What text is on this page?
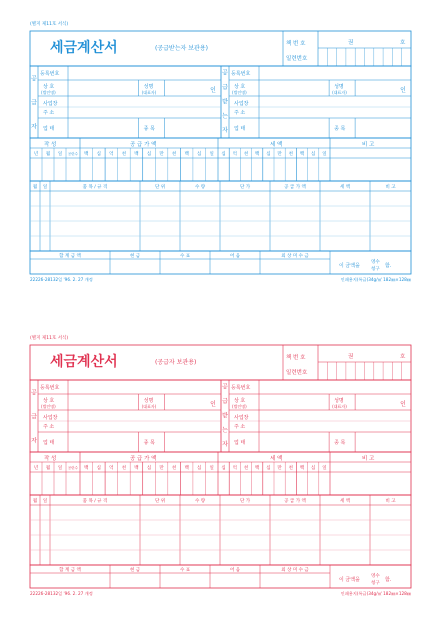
(별지 제11호 서식)
세금계산서	(공급받는자 보관용)
책 번 호
일련번호
권	호
공
급
자
등록번호
상 호
(법인명)
성명
(대표자)	인
사업장
주 소
업 태	종 목
공
급
받
는
자
등록번호
상 호
(법인명)
성명
(대표자)	인
사업장
주 소
업 태	종 목
작 성	공 급 가 액	세 액	비 고
년 월 일 공란수 백 십 억 천 백 십 만 천 백 십 일 십 억 천 백 십 만 천 백 십 일
월 일	품 목 / 규 격	단 위	수 량	단 가	공 급 가 액	세 액	비 고
합 계 금 액	현 금	수 표	어 음	외 상 미 수 금
이 금액을
영수
청구
함.
22226-28132일 '96. 2. 27 개정	인쇄용지(특급)34g/㎡ 182㎜×128㎜
(별지 제11호 서식)
세금계산서	(공급자 보관용)
책 번 호
일련번호
권	호
공
급
자
등록번호
상 호
(법인명)
성명
(대표자)	인
사업장
주 소
업 태	종 목
공
급
받
는
자
등록번호
상 호
(법인명)
성명
(대표자)	인
사업장
주 소
업 태	종 목
작 성	공 급 가 액	세 액	비 고
년 월 일 공란수 백 십 억 천 백 십 만 천 백 십 일 십 억 천 백 십 만 천 백 십 일
월 일	품 목 / 규 격	단 위	수 량	단 가	공 급 가 액	세 액	비 고
합 계 금 액	현 금	수 표	어 음	외 상 미 수 금
이 금액을
영수
청구
함.
22226-28132일 '96. 2. 27 개정	인쇄용지(특급)34g/㎡ 182㎜×128㎜
